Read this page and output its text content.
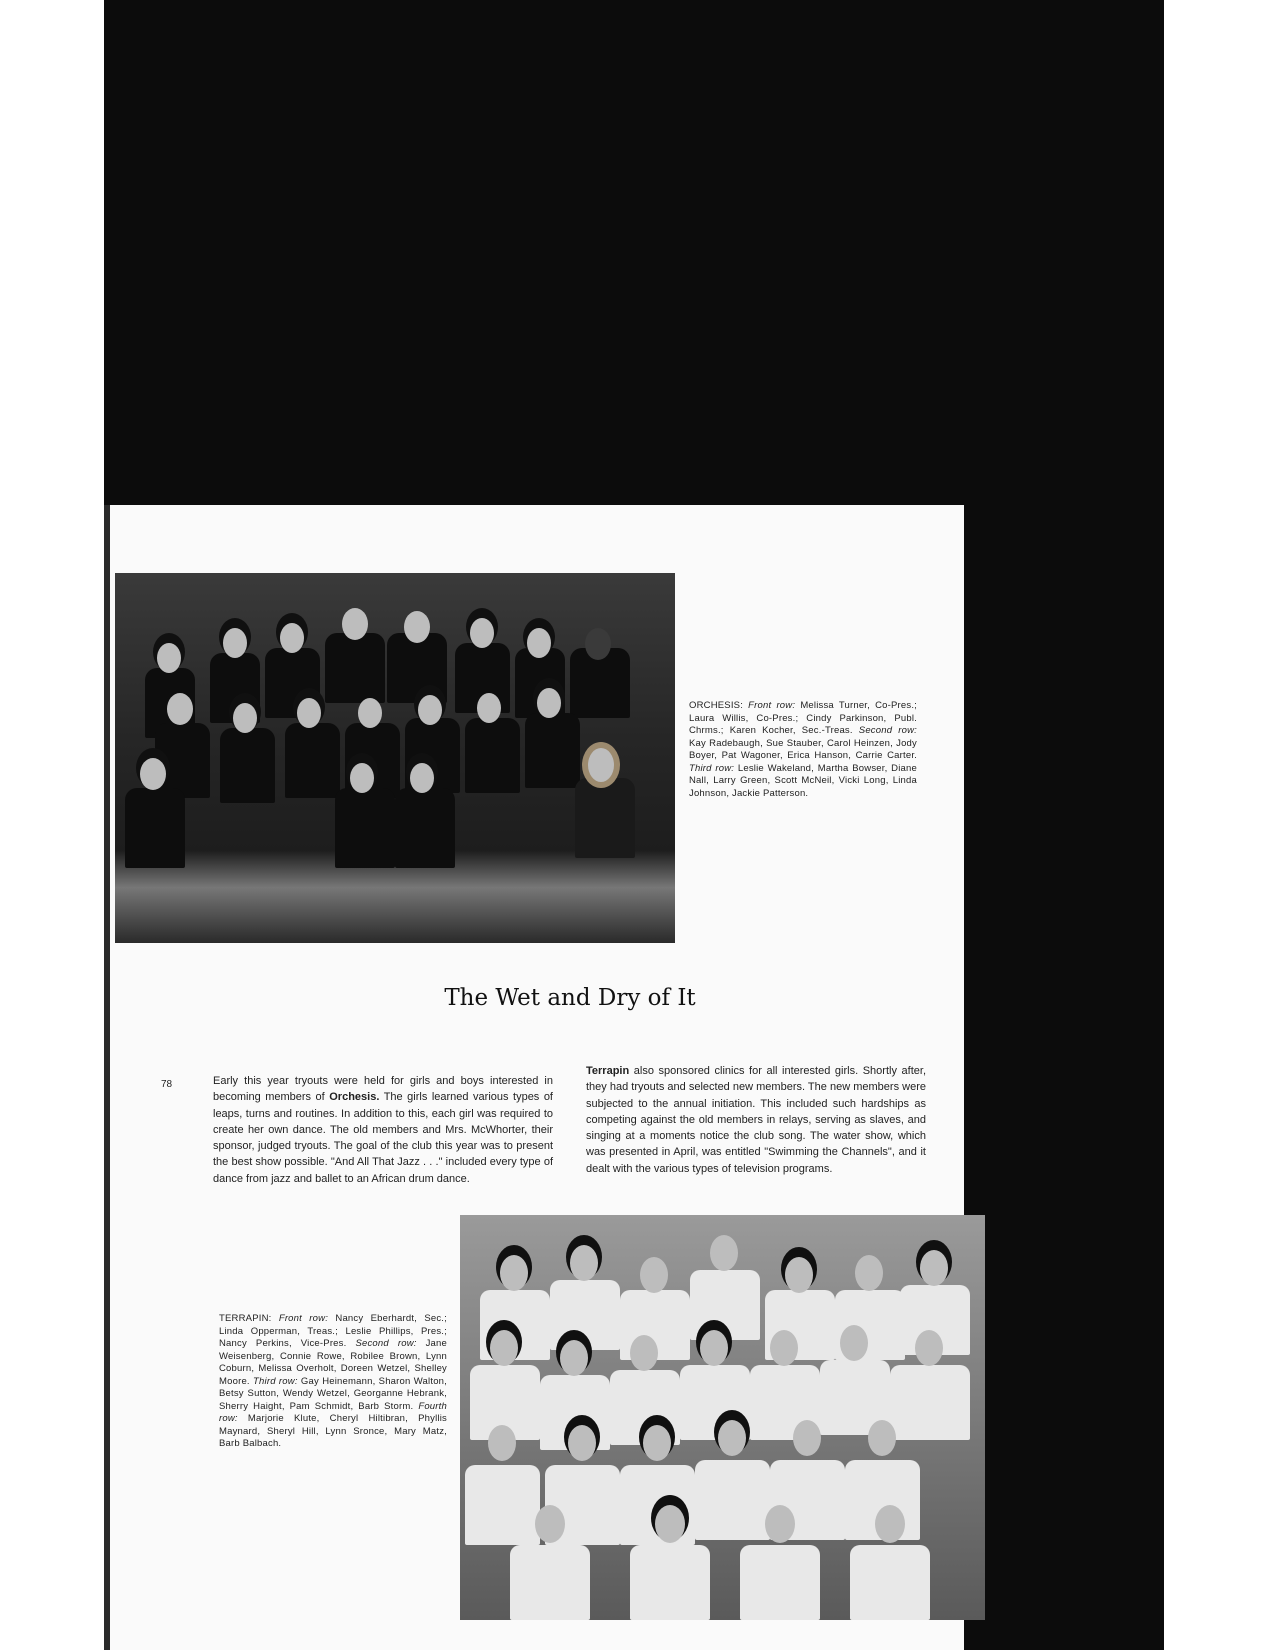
ORCHESIS: Front row: Melissa Turner, Co-Pres.; Laura Willis, Co-Pres.; Cindy Parkinson, Publ. Chrms.; Karen Kocher, Sec.-Treas. Second row: Kay Radebaugh, Sue Stauber, Carol Heinzen, Jody Boyer, Pat Wagoner, Erica Hanson, Carrie Carter. Third row: Leslie Wakeland, Martha Bowser, Diane Nall, Larry Green, Scott McNeil, Vicki Long, Linda Johnson, Jackie Patterson.
The Wet and Dry of It
78	Early this year tryouts were held for girls and boys interested in becoming members of Orchesis. The girls learned various types of leaps, turns and routines. In addition to this, each girl was required to create her own dance. The old members and Mrs. McWhorter, their sponsor, judged tryouts. The goal of the club this year was to present the best show possible. "And All That Jazz . . ." included every type of dance from jazz and ballet to an African drum dance.
Terrapin also sponsored clinics for all interested girls. Shortly after, they had tryouts and selected new members. The new members were subjected to the annual initiation. This included such hardships as competing against the old members in relays, serving as slaves, and singing at a moments notice the club song. The water show, which was presented in April, was entitled "Swimming the Channels", and it dealt with the various types of television programs.
TERRAPIN: Front row: Nancy Eberhardt, Sec.; Linda Opperman, Treas.; Leslie Phillips, Pres.; Nancy Perkins, Vice-Pres. Second row: Jane Weisenberg, Connie Rowe, Robilee Brown, Lynn Coburn, Melissa Overholt, Doreen Wetzel, Shelley Moore. Third row: Gay Heinemann, Sharon Walton, Betsy Sutton, Wendy Wetzel, Georganne Hebrank, Sherry Haight, Pam Schmidt, Barb Storm. Fourth row: Marjorie Klute, Cheryl Hiltibran, Phyllis Maynard, Sheryl Hill, Lynn Sronce, Mary Matz, Barb Balbach.
